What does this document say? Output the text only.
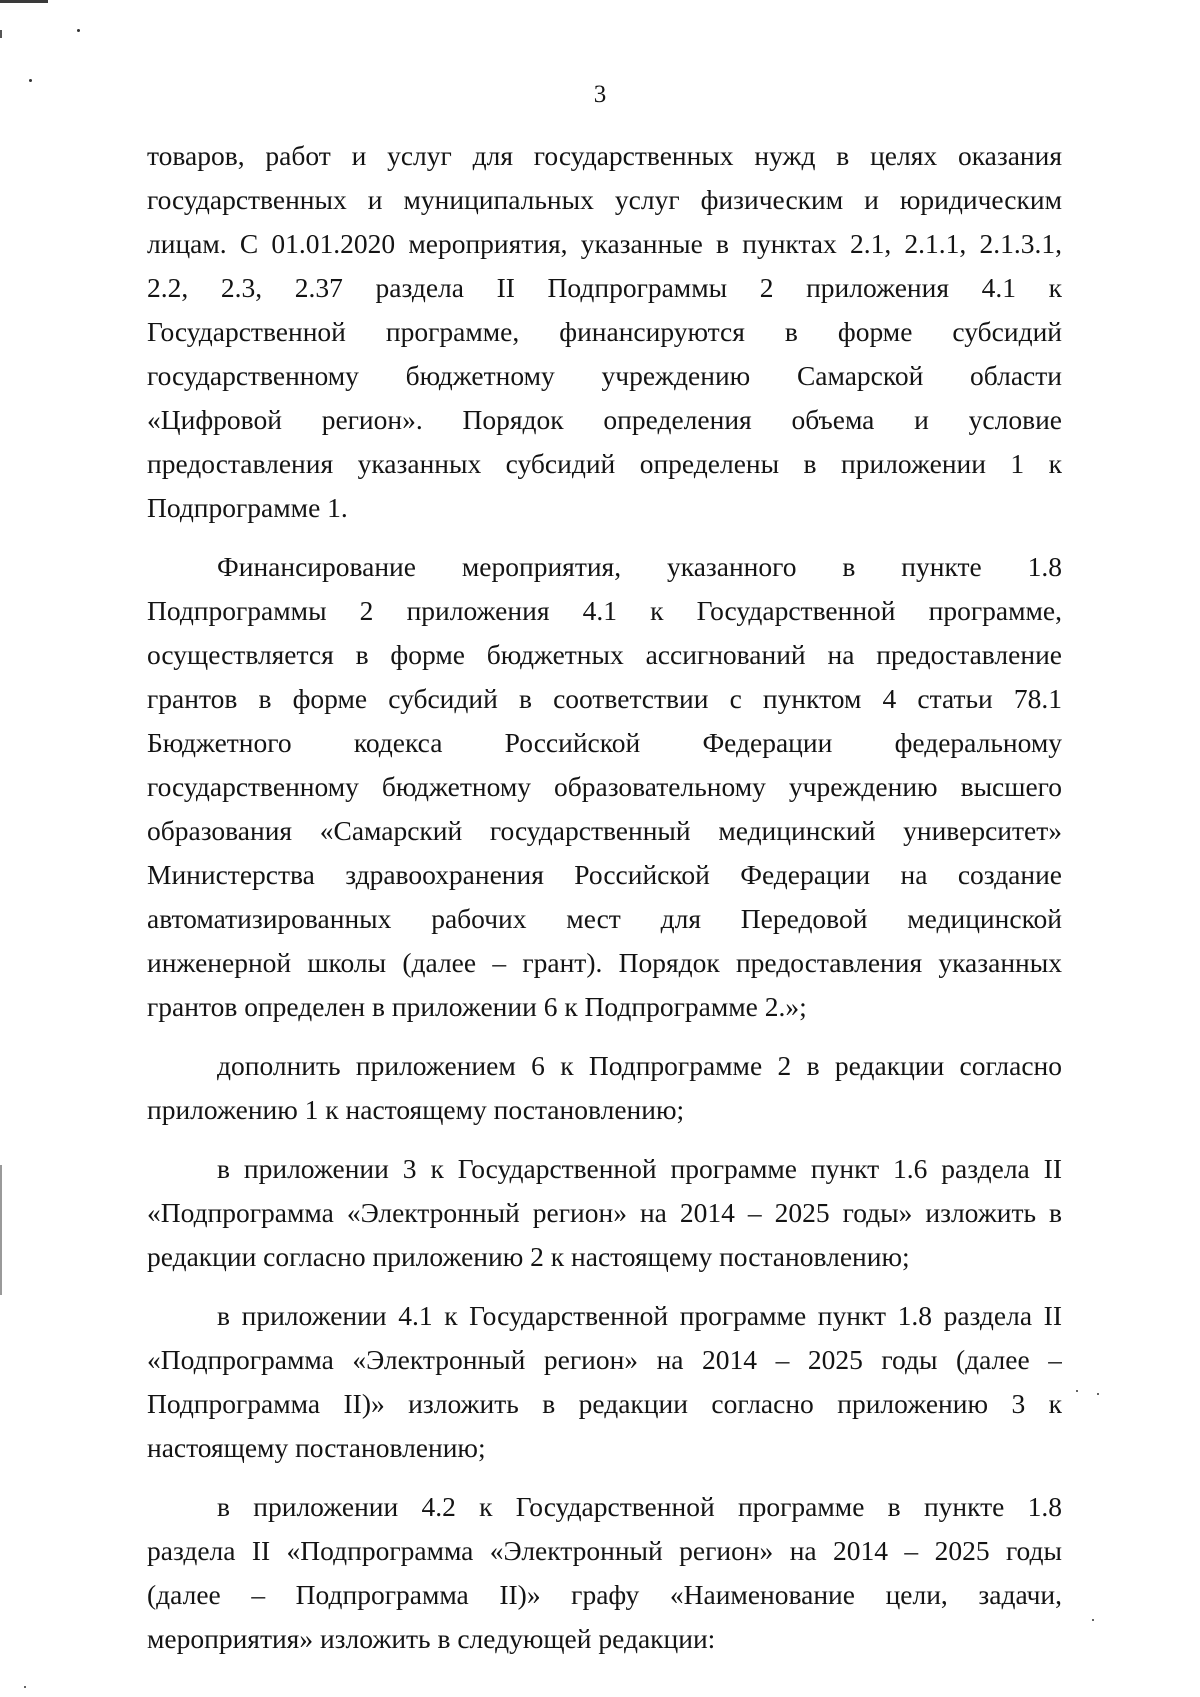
3
товаров, работ и услуг для государственных нужд в целях оказания
государственных и муниципальных услуг физическим и юридическим
лицам. С 01.01.2020 мероприятия, указанные в пунктах 2.1, 2.1.1, 2.1.3.1,
2.2, 2.3, 2.37 раздела II Подпрограммы 2 приложения 4.1 к
Государственной программе, финансируются в форме субсидий
государственному бюджетному учреждению Самарской области
«Цифровой регион». Порядок определения объема и условие
предоставления указанных субсидий определены в приложении 1 к
Подпрограмме 1.
Финансирование мероприятия, указанного в пункте 1.8
Подпрограммы 2 приложения 4.1 к Государственной программе,
осуществляется в форме бюджетных ассигнований на предоставление
грантов в форме субсидий в соответствии с пунктом 4 статьи 78.1
Бюджетного кодекса Российской Федерации федеральному
государственному бюджетному образовательному учреждению высшего
образования «Самарский государственный медицинский университет»
Министерства здравоохранения Российской Федерации на создание
автоматизированных рабочих мест для Передовой медицинской
инженерной школы (далее – грант). Порядок предоставления указанных
грантов определен в приложении 6 к Подпрограмме 2.»;
дополнить приложением 6 к Подпрограмме 2 в редакции согласно
приложению 1 к настоящему постановлению;
в приложении 3 к Государственной программе пункт 1.6 раздела II
«Подпрограмма «Электронный регион» на 2014 – 2025 годы» изложить в
редакции согласно приложению 2 к настоящему постановлению;
в приложении 4.1 к Государственной программе пункт 1.8 раздела II
«Подпрограмма «Электронный регион» на 2014 – 2025 годы (далее –
Подпрограмма II)» изложить в редакции согласно приложению 3 к
настоящему постановлению;
в приложении 4.2 к Государственной программе в пункте 1.8
раздела II «Подпрограмма «Электронный регион» на 2014 – 2025 годы
(далее – Подпрограмма II)» графу «Наименование цели, задачи,
мероприятия» изложить в следующей редакции:
